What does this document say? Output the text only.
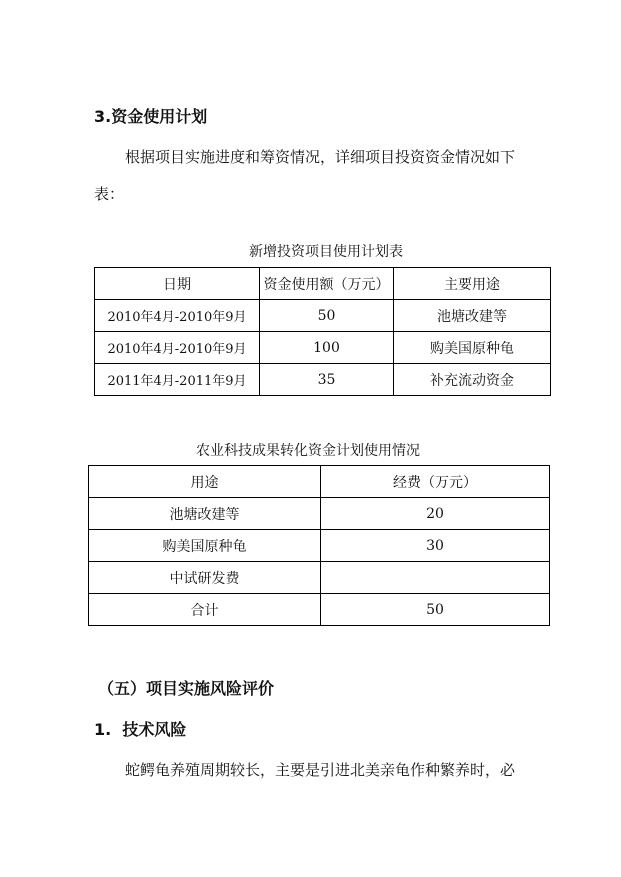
3.资金使用计划
根据项目实施进度和筹资情况，详细项目投资资金情况如下
表：
新增投资项目使用计划表
日期	资金使用额（万元）	主要用途
2010年4月-2010年9月	50	池塘改建等
2010年4月-2010年9月	100	购美国原种龟
2011年4月-2011年9月	35	补充流动资金
农业科技成果转化资金计划使用情况
用途	经费（万元）
池塘改建等	20
购美国原种龟	30
中试研发费	
合计	50
（五）项目实施风险评价
1.  技术风险
蛇鳄龟养殖周期较长，主要是引进北美亲龟作种繁养时，必
